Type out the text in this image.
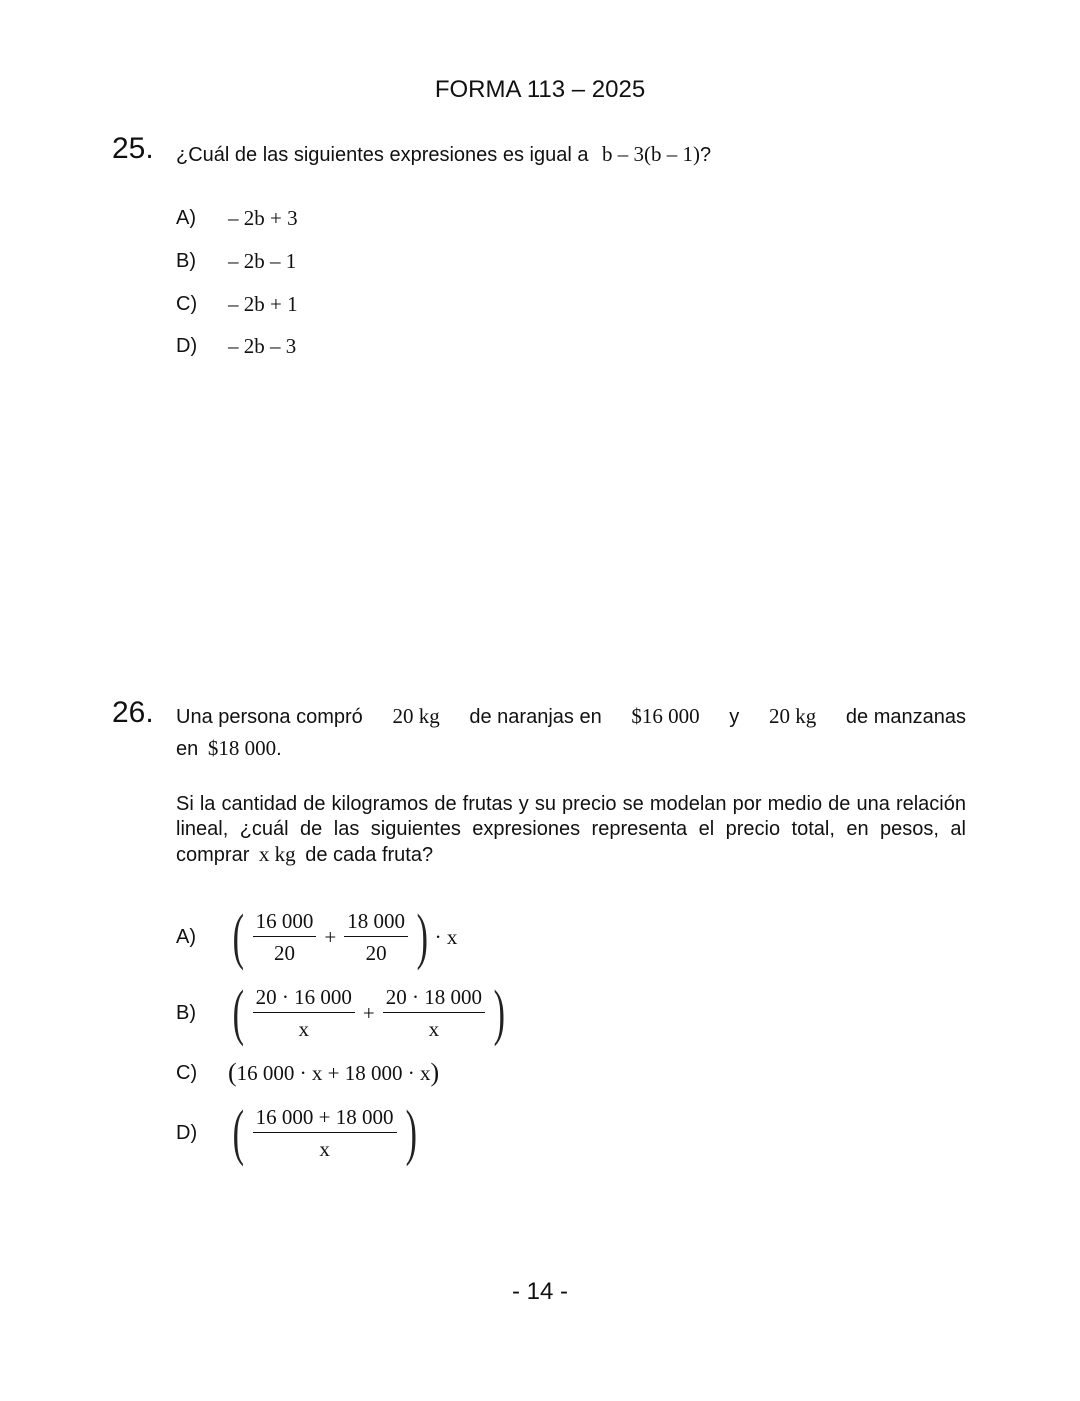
FORMA 113 – 2025
25. ¿Cuál de las siguientes expresiones es igual a b – 3(b – 1)?
A)	– 2b + 3
B)	– 2b – 1
C)	– 2b + 1
D)	– 2b – 3
26. Una persona compró 20 kg de naranjas en $16 000 y 20 kg de manzanas
en $18 000.
Si la cantidad de kilogramos de frutas y su precio se modelan por medio de una relación lineal, ¿cuál de las siguientes expresiones representa el precio total, en pesos, al comprar x kg de cada fruta?
A) ( $\frac{16 000}{20} + \frac{18 000}{20}$ ) · x
B) ( $\frac{20 \cdot 16 000}{x} + \frac{20 \cdot 18 000}{x}$ )
C)	( 16 000 · x + 18 000 · x )
D) ( $\frac{16 000 + 18 000}{x}$ )
- 14 -
